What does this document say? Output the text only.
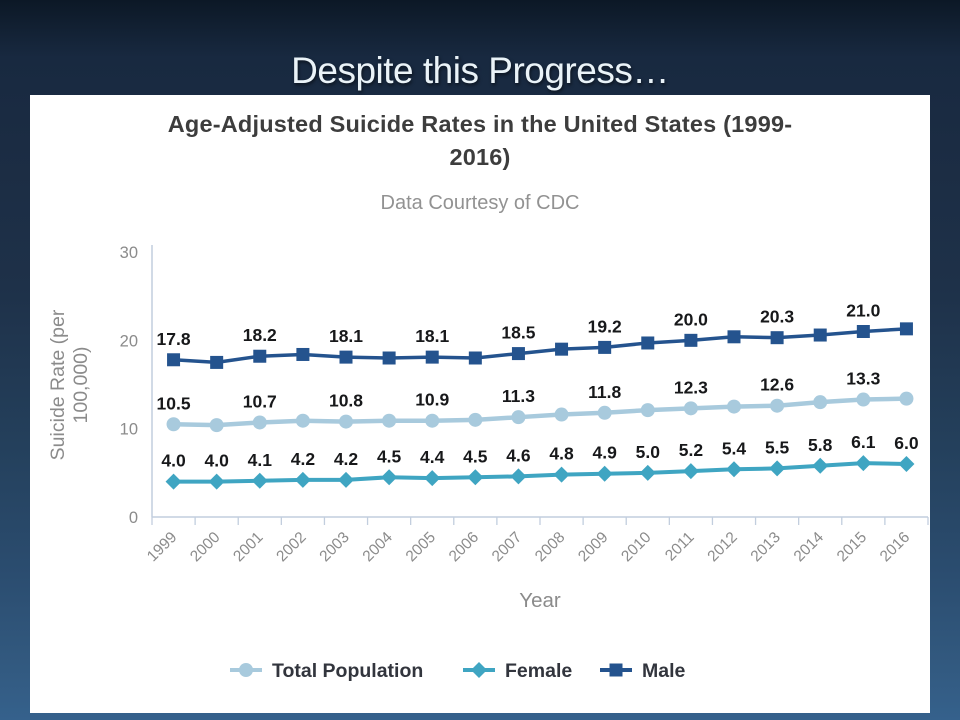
Despite this Progress…
Age-Adjusted Suicide Rates in the United States (1999-
2016)
Data Courtesy of CDC
0
10
20
30
1999 2000 2001 2002 2003 2004 2005 2006 2007 2008 2009 2010 2011 2012 2013 2014 2015 2016
Year
Suicide Rate (per100,000)	10.5	10.7	10.8	10.9	11.3	11.8	12.3	12.6	13.3
4.0 4.0 4.1 4.2 4.2 4.5 4.4 4.5 4.6 4.8 4.9 5.0 5.2 5.4 5.5 5.8 6.1 6.0
17.8	18.2	18.1	18.1	18.5	19.2	20.0	20.3	21.0
Total Population	Female	Male
